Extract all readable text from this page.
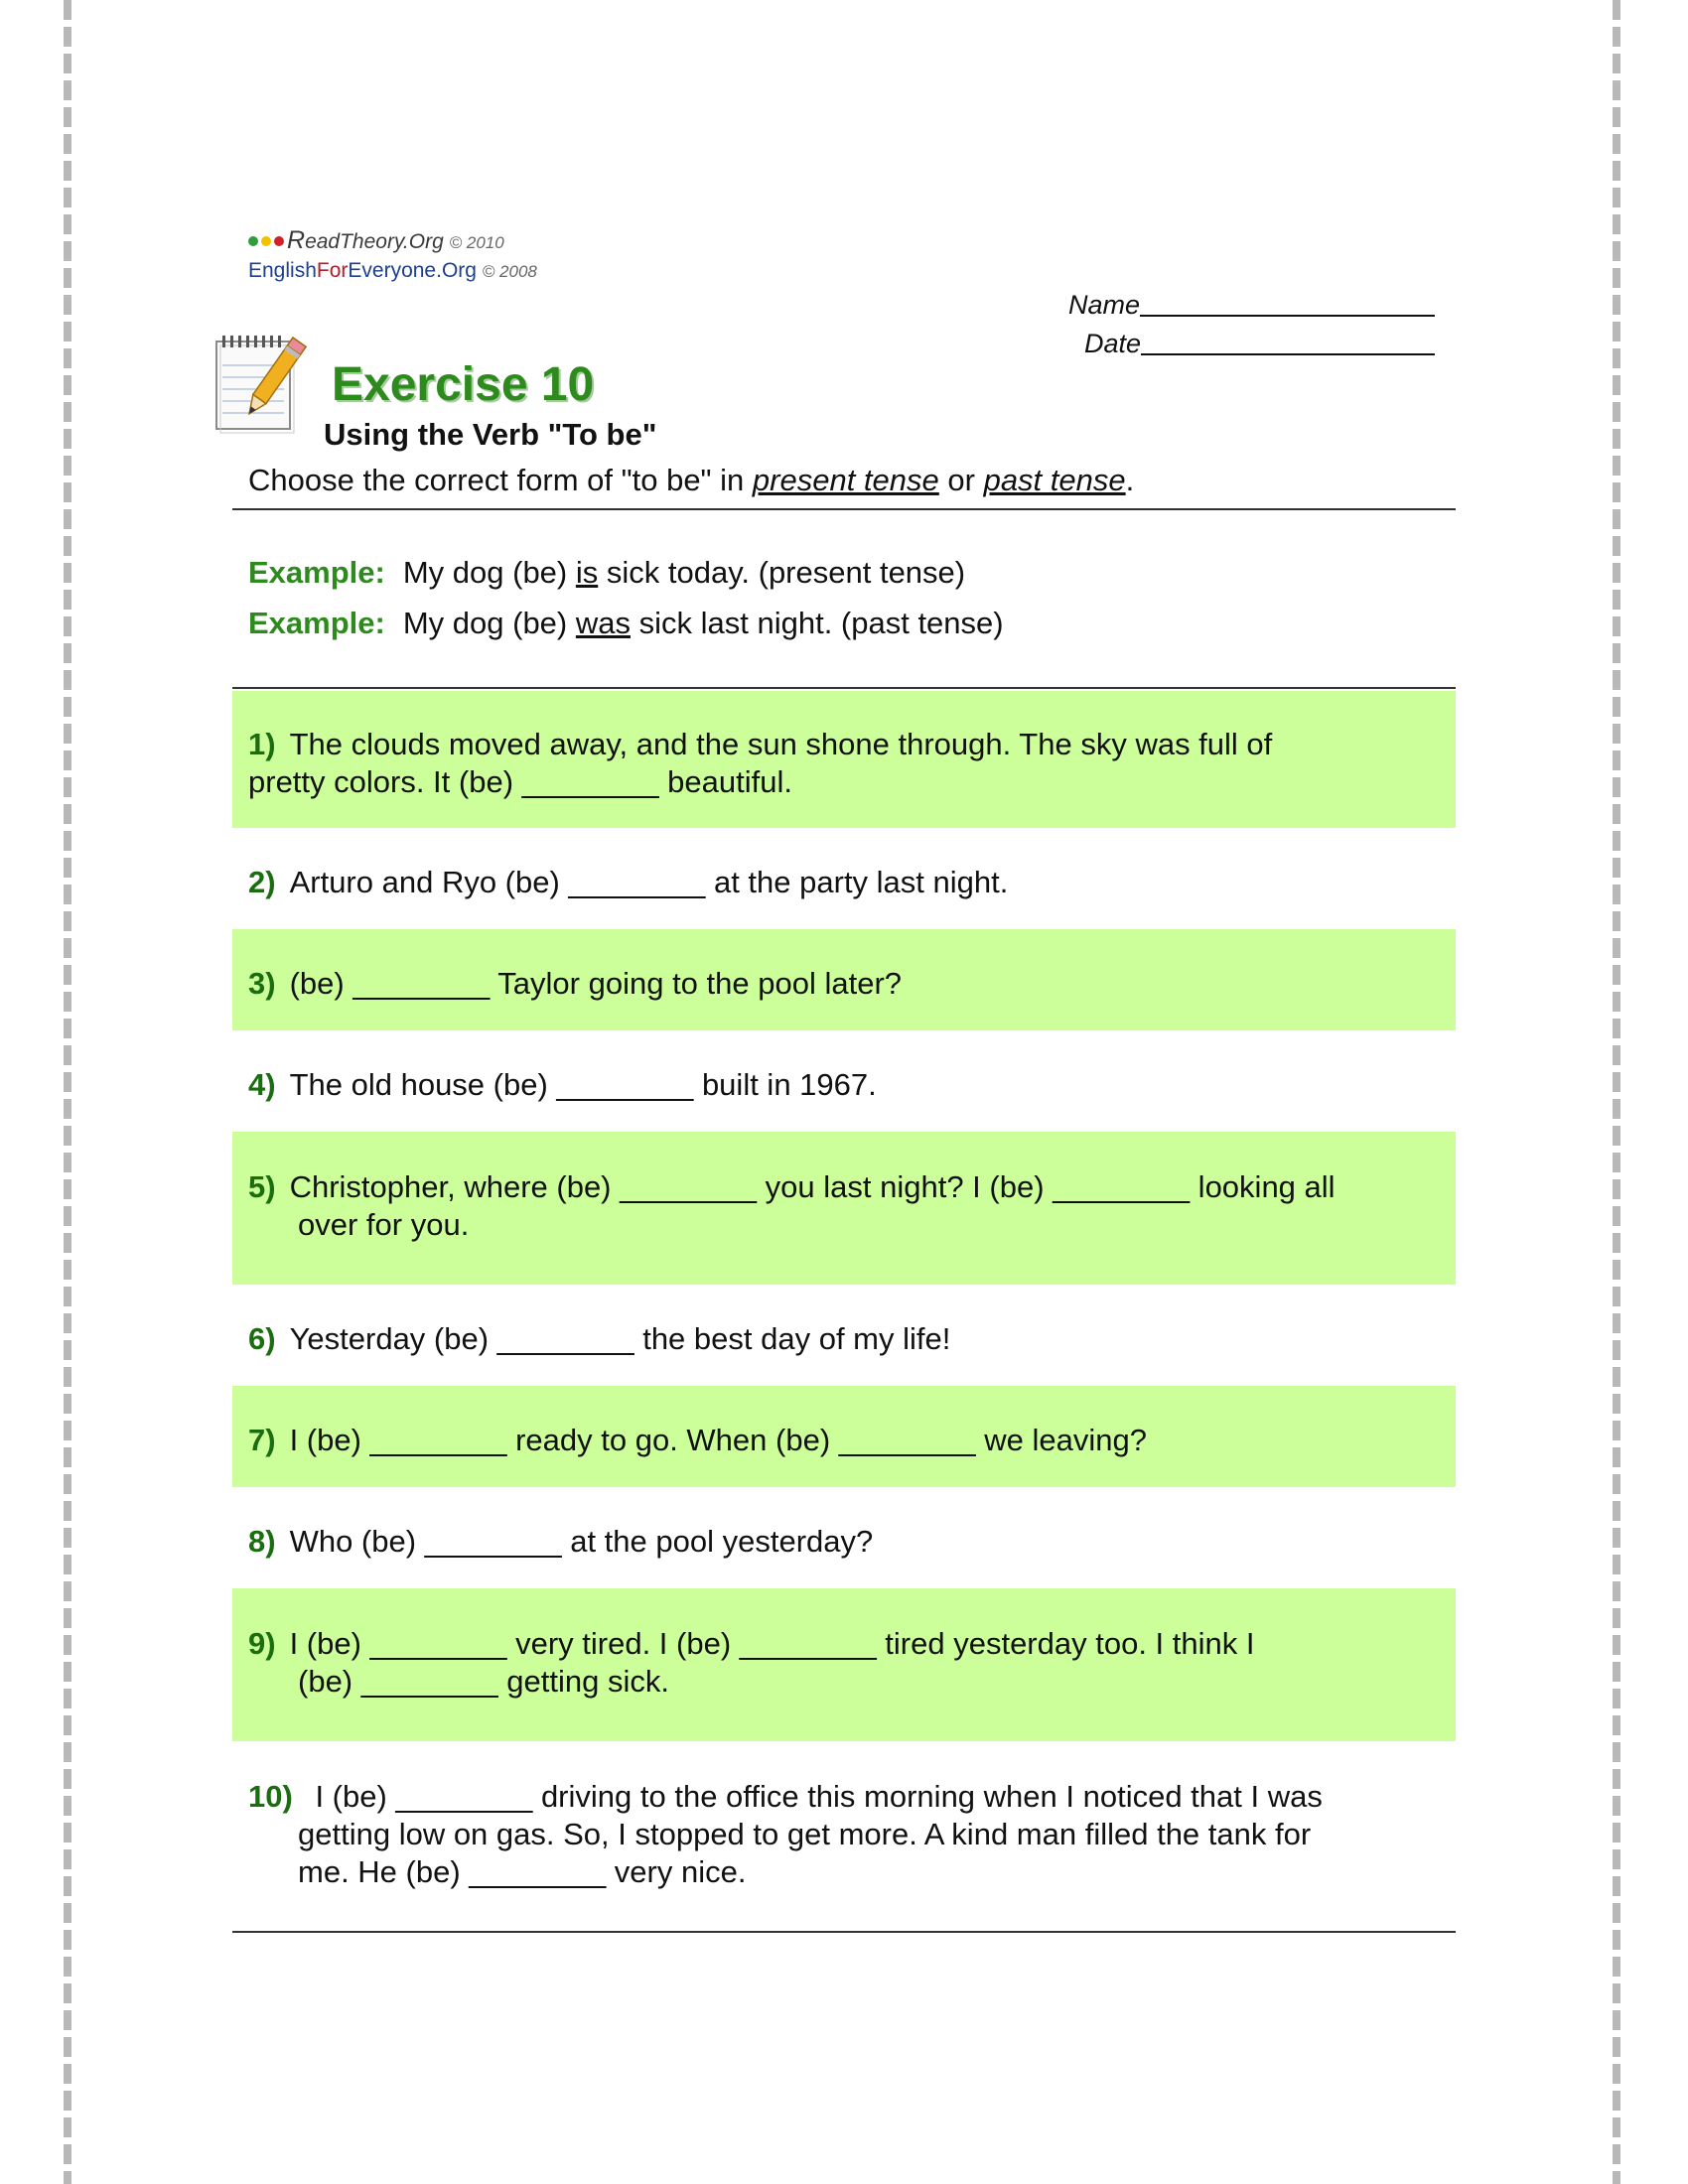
ReadTheory.Org © 2010
EnglishForEveryone.Org © 2008
Name
Date
Exercise 10
Using the Verb "To be"
Choose the correct form of "to be" in present tense or past tense.
Example: My dog (be) is sick today. (present tense)
Example: My dog (be) was sick last night. (past tense)
1) The clouds moved away, and the sun shone through. The sky was full of
pretty colors. It (be) ________ beautiful.
2) Arturo and Ryo (be) ________ at the party last night.
3) (be) ________ Taylor going to the pool later?
4) The old house (be) ________ built in 1967.
5) Christopher, where (be) ________ you last night? I (be) ________ looking all
over for you.
6) Yesterday (be) ________ the best day of my life!
7) I (be) ________ ready to go. When (be) ________ we leaving?
8) Who (be) ________ at the pool yesterday?
9) I (be) ________ very tired. I (be) ________ tired yesterday too. I think I
(be) ________ getting sick.
10) I (be) ________ driving to the office this morning when I noticed that I was
getting low on gas. So, I stopped to get more. A kind man filled the tank for
me. He (be) ________ very nice.
